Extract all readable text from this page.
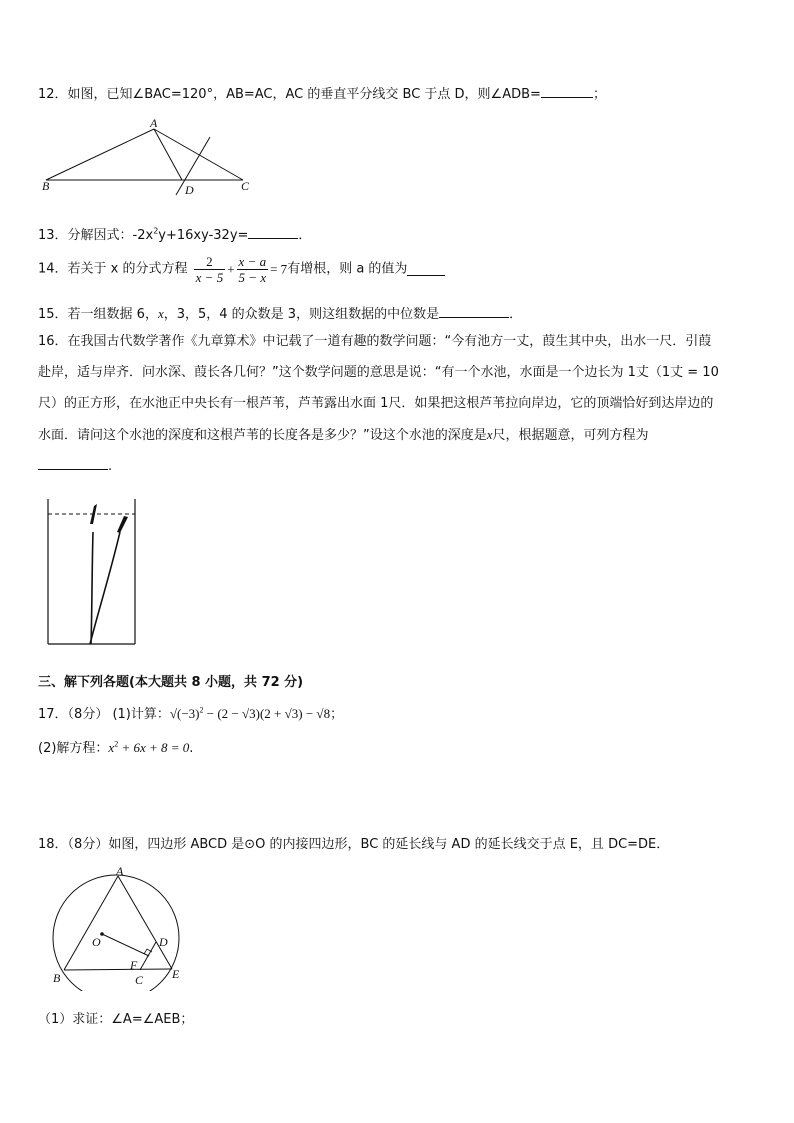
12．如图，已知∠BAC=120°，AB=AC，AC 的垂直平分线交 BC 于点 D，则∠ADB=	；
A
B	D	C
13．分解因式：$-2x^2y+16xy-32y=$	．
14．若关于 x 的分式方程 $\frac{2}{x - 5} + \frac{x - a}{5 - x} = 7$有增根，则 a 的值为
15．若一组数据 6，x，3，5，4 的众数是 3，则这组数据的中位数是	．
16．在我国古代数学著作《九章算术》中记载了一道有趣的数学问题：“今有池方一丈，葭生其中央，出水一尺．引葭
赴岸，适与岸齐．问水深、葭长各几何？”这个数学问题的意思是说：“有一个水池，水面是一个边长为 1丈（1丈 = 10
尺）的正方形，在水池正中央长有一根芦苇，芦苇露出水面 1尺．如果把这根芦苇拉向岸边，它的顶端恰好到达岸边的
水面．请问这个水池的深度和这根芦苇的长度各是多少？”设这个水池的深度是x尺，根据题意，可列方程为
.
三、解下列各题(本大题共 8 小题，共 72 分)
17．（8分） (1)计算：$√(-3)^2 - (2 - √3)(2 + √3) - √8$；
(2)解方程：$x^2 + 6x + 8 = 0$.
18．（8分）如图，四边形 ABCD 是⊙O 的内接四边形，BC 的延长线与 AD 的延长线交于点 E，且 DC=DE．
A
O	D
F
B	C E
（1）求证：∠A=∠AEB；
